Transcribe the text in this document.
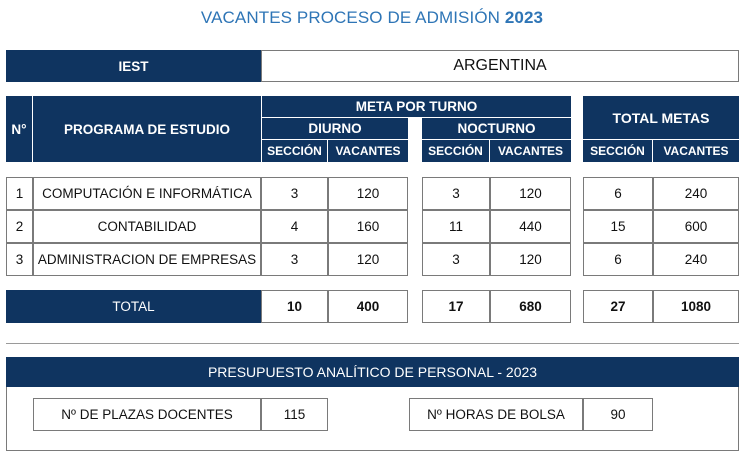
VACANTES PROCESO DE ADMISIÓN 2023
IEST	ARGENTINA
N°	PROGRAMA DE ESTUDIO
META POR TURNO
DIURNO	NOCTURNO
SECCIÓN	VACANTES	SECCIÓN	VACANTES
TOTAL METAS
SECCIÓN	VACANTES
1	COMPUTACIÓN E INFORMÁTICA	3	120	3	120	6	240
2	CONTABILIDAD	4	160	11	440	15	600
3	ADMINISTRACION DE EMPRESAS	3	120	3	120	6	240
TOTAL	10	400	17	680	27	1080
PRESUPUESTO ANALÍTICO DE PERSONAL - 2023
Nº DE PLAZAS DOCENTES	115	Nº HORAS DE BOLSA	90
